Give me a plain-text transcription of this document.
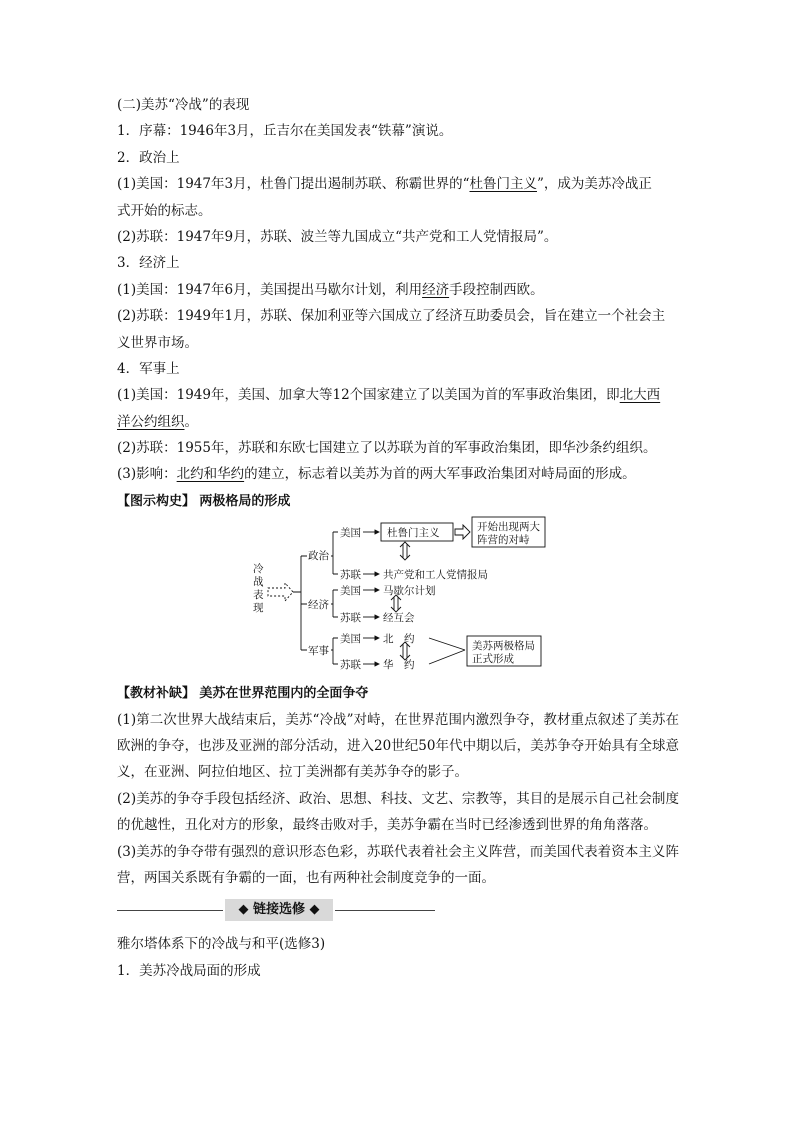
(二)美苏“冷战”的表现

1．序幕：1946年3月，丘吉尔在美国发表“铁幕”演说。

2．政治上

(1)美国：1947年3月，杜鲁门提出遏制苏联、称霸世界的“杜鲁门主义”，成为美苏冷战正

式开始的标志。

(2)苏联：1947年9月，苏联、波兰等九国成立“共产党和工人党情报局”。

3．经济上

(1)美国：1947年6月，美国提出马歇尔计划，利用经济手段控制西欧。

(2)苏联：1949年1月，苏联、保加利亚等六国成立了经济互助委员会，旨在建立一个社会主

义世界市场。

4．军事上

(1)美国：1949年，美国、加拿大等12个国家建立了以美国为首的军事政治集团，即北大西

洋公约组织。

(2)苏联：1955年，苏联和东欧七国建立了以苏联为首的军事政治集团，即华沙条约组织。

(3)影响：北约和华约的建立，标志着以美苏为首的两大军事政治集团对峙局面的形成。

【图示构史】 两极格局的形成

冷
战
表
现
政治
经济
军事
美国 杜鲁门主义	开始出现两大
阵营的对峙
苏联 共产党和工人党情报局
美国 马歇尔计划
苏联 经互会
美国 北　约
苏联 华　约
美苏两极格局
正式形成

【教材补缺】 美苏在世界范围内的全面争夺

(1)第二次世界大战结束后，美苏“冷战”对峙，在世界范围内激烈争夺，教材重点叙述了美苏在欧洲的争夺，也涉及亚洲的部分活动，进入20世纪50年代中期以后，美苏争夺开始具有全球意义，在亚洲、阿拉伯地区、拉丁美洲都有美苏争夺的影子。

(2)美苏的争夺手段包括经济、政治、思想、科技、文艺、宗教等，其目的是展示自己社会制度的优越性，丑化对方的形象，最终击败对手，美苏争霸在当时已经渗透到世界的角角落落。

(3)美苏的争夺带有强烈的意识形态色彩，苏联代表着社会主义阵营，而美国代表着资本主义阵营，两国关系既有争霸的一面，也有两种社会制度竞争的一面。

◆ 链接选修 ◆

雅尔塔体系下的冷战与和平(选修3)

1．美苏冷战局面的形成
